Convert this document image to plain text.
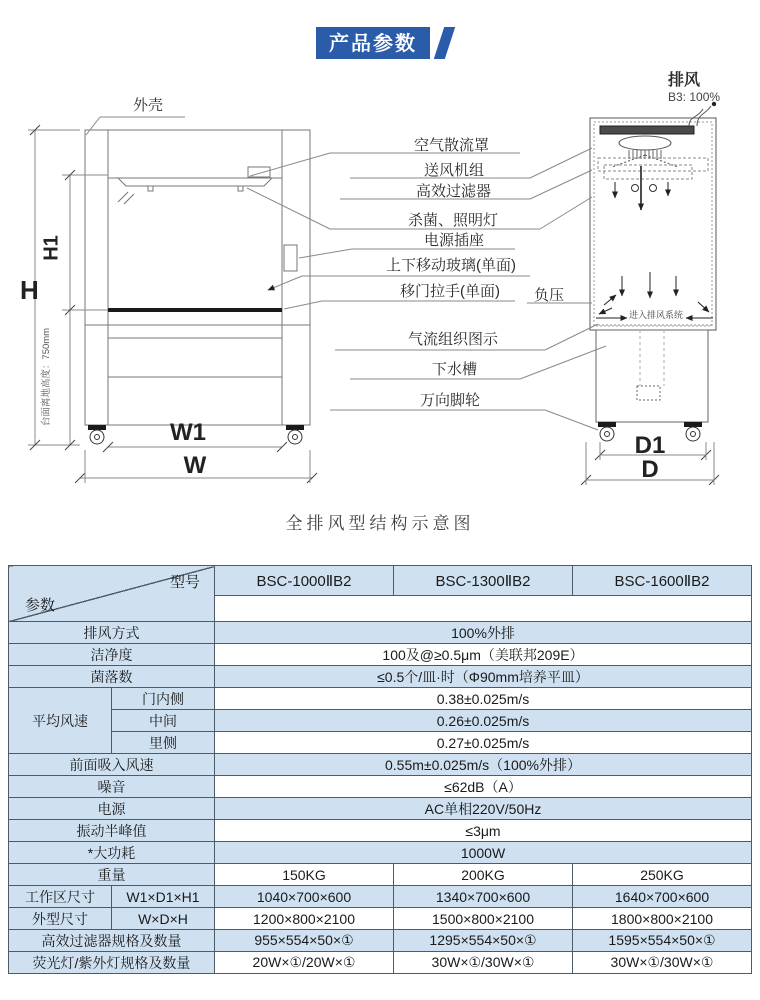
产品参数
外壳
空气散流罩
送风机组
高效过滤器
杀菌、照明灯
电源插座
上下移动玻璃(单面)
移门拉手(单面) 负压
气流组织图示
下水槽
万向脚轮
排风
B3: 100%
进入排风系统
台面离地高度：750mm
H
H1
W1
W
D1
D
全排风型结构示意图
型号
参数		BSC-1000ⅡB2	BSC-1300ⅡB2	BSC-1600ⅡB2

排风方式		100%外排		
洁净度		100及@≥0.5μm（美联邦209E）		
菌落数		≤0.5个/皿·时（Φ90mm培养平皿）		
平均风速	门内侧	0.38±0.025m/s		
	中间	0.26±0.025m/s		
	里侧	0.27±0.025m/s		
前面吸入风速		0.55m±0.025m/s（100%外排）		
噪音		≤62dB（A）		
电源		AC单相220V/50Hz		
振动半峰值		≤3μm		
*大功耗		1000W		
重量		150KG	200KG	250KG
工作区尺寸	W1×D1×H1	1040×700×600	1340×700×600	1640×700×600
外型尺寸	W×D×H	1200×800×2100	1500×800×2100	1800×800×2100
高效过滤器规格及数量		955×554×50×①	1295×554×50×①	1595×554×50×①
荧光灯/紫外灯规格及数量		20W×①/20W×①	30W×①/30W×①	30W×①/30W×①
